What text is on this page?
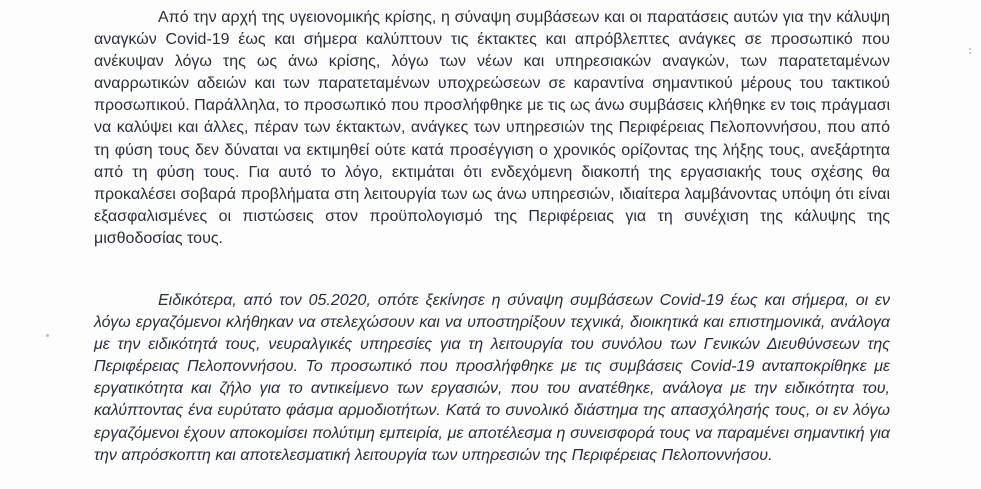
Από την αρχή της υγειονομικής κρίσης, η σύναψη συμβάσεων και οι παρατάσεις αυτών για την κάλυψη αναγκών Covid-19 έως και σήμερα καλύπτουν τις έκτακτες και απρόβλεπτες ανάγκες σε προσωπικό που ανέκυψαν λόγω της ως άνω κρίσης, λόγω των νέων και υπηρεσιακών αναγκών, των παρατεταμένων αναρρωτικών αδειών και των παρατεταμένων υποχρεώσεων σε καραντίνα σημαντικού μέρους του τακτικού προσωπικού. Παράλληλα, το προσωπικό που προσλήφθηκε με τις ως άνω συμβάσεις κλήθηκε εν τοις πράγμασι να καλύψει και άλλες, πέραν των έκτακτων, ανάγκες των υπηρεσιών της Περιφέρειας Πελοποννήσου, που από τη φύση τους δεν δύναται να εκτιμηθεί ούτε κατά προσέγγιση ο χρονικός ορίζοντας της λήξης τους, ανεξάρτητα από τη φύση τους. Για αυτό το λόγο, εκτιμάται ότι ενδεχόμενη διακοπή της εργασιακής τους σχέσης θα προκαλέσει σοβαρά προβλήματα στη λειτουργία των ως άνω υπηρεσιών, ιδιαίτερα λαμβάνοντας υπόψη ότι είναι εξασφαλισμένες οι πιστώσεις στον προϋπολογισμό της Περιφέρειας για τη συνέχιση της κάλυψης της μισθοδοσίας τους.

Ειδικότερα, από τον 05.2020, οπότε ξεκίνησε η σύναψη συμβάσεων Covid-19 έως και σήμερα, οι εν λόγω εργαζόμενοι κλήθηκαν να στελεχώσουν και να υποστηρίξουν τεχνικά, διοικητικά και επιστημονικά, ανάλογα με την ειδικότητά τους, νευραλγικές υπηρεσίες για τη λειτουργία του συνόλου των Γενικών Διευθύνσεων της Περιφέρειας Πελοποννήσου. Το προσωπικό που προσλήφθηκε με τις συμβάσεις Covid-19 ανταποκρίθηκε με εργατικότητα και ζήλο για το αντικείμενο των εργασιών, που του ανατέθηκε, ανάλογα με την ειδικότητα του, καλύπτοντας ένα ευρύτατο φάσμα αρμοδιοτήτων. Κατά το συνολικό διάστημα της απασχόλησής τους, οι εν λόγω εργαζόμενοι έχουν αποκομίσει πολύτιμη εμπειρία, με αποτέλεσμα η συνεισφορά τους να παραμένει σημαντική για την απρόσκοπτη και αποτελεσματική λειτουργία των υπηρεσιών της Περιφέρειας Πελοποννήσου.
